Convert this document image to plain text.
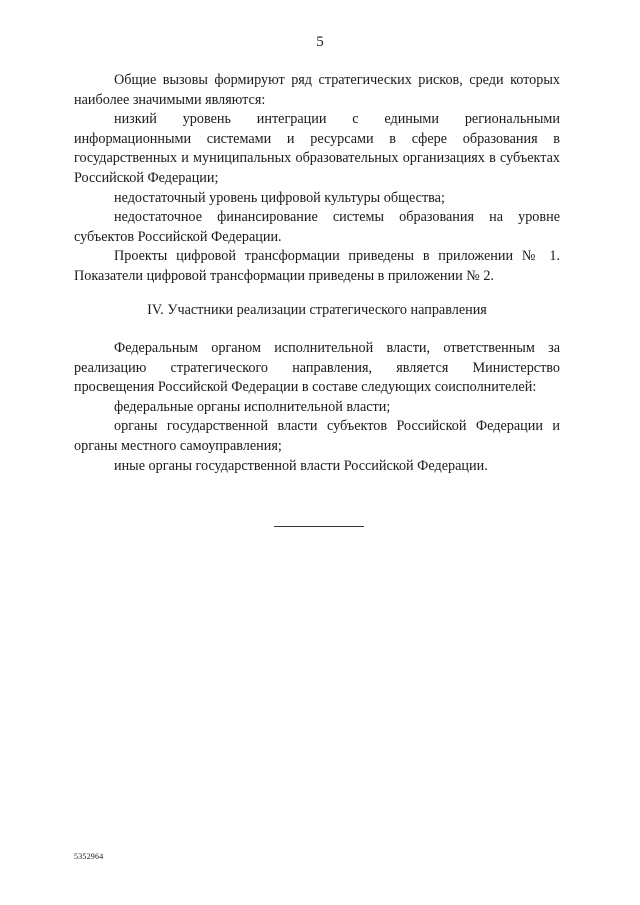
5

Общие вызовы формируют ряд стратегических рисков, среди которых наиболее значимыми являются:

низкий уровень интеграции с едиными региональными информационными системами и ресурсами в сфере образования в государственных и муниципальных образовательных организациях в субъектах Российской Федерации;

недостаточный уровень цифровой культуры общества;

недостаточное финансирование системы образования на уровне субъектов Российской Федерации.

Проекты цифровой трансформации приведены в приложении № 1. Показатели цифровой трансформации приведены в приложении № 2.

IV. Участники реализации стратегического направления

Федеральным органом исполнительной власти, ответственным за реализацию стратегического направления, является Министерство просвещения Российской Федерации в составе следующих соисполнителей:

федеральные органы исполнительной власти;

органы государственной власти субъектов Российской Федерации и органы местного самоуправления;

иные органы государственной власти Российской Федерации.

5352964
